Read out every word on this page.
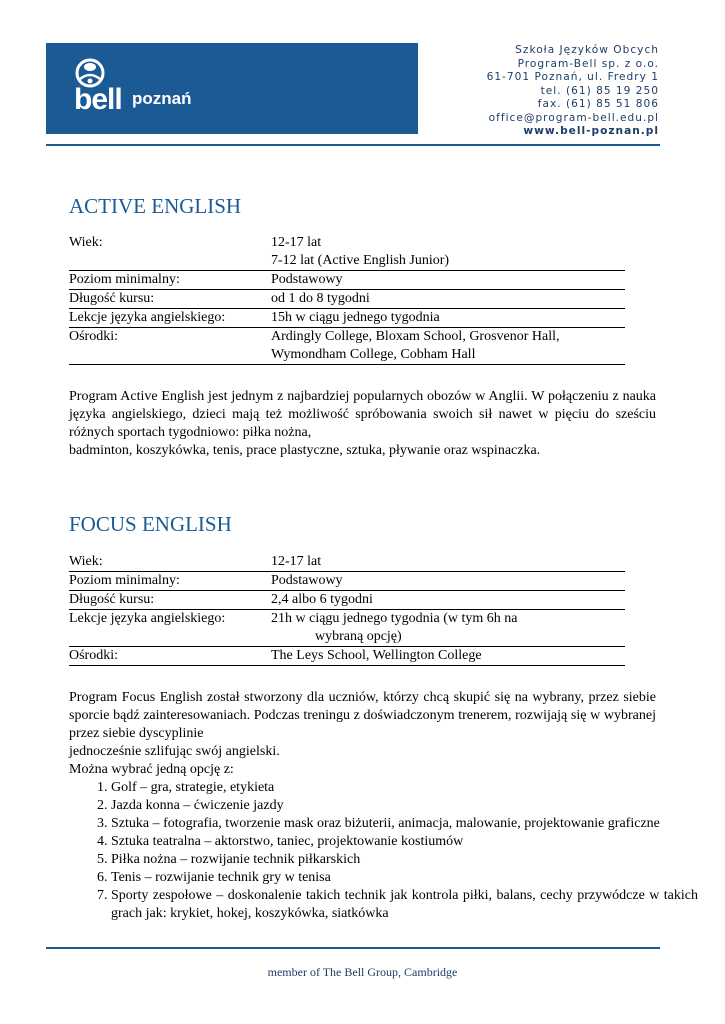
bell poznań
Szkoła Języków Obcych
Program-Bell sp. z o.o.
61-701 Poznań, ul. Fredry 1
tel. (61) 85 19 250
fax. (61) 85 51 806
office@program-bell.edu.pl
www.bell-poznan.pl
ACTIVE ENGLISH
Wiek:	12-17 lat
7-12 lat (Active English Junior)
Poziom minimalny:	Podstawowy
Długość kursu:	od 1 do 8 tygodni
Lekcje języka angielskiego:	15h w ciągu jednego tygodnia
Ośrodki:	Ardingly College, Bloxam School, Grosvenor Hall,
Wymondham College, Cobham Hall

Program Active English jest jednym z najbardziej popularnych obozów w Anglii. W połączeniu z nauka języka angielskiego, dzieci mają też możliwość spróbowania swoich sił nawet w pięciu do sześciu różnych sportach tygodniowo: piłka nożna,

badminton, koszykówka, tenis, prace plastyczne, sztuka, pływanie oraz wspinaczka.

FOCUS ENGLISH
Wiek:	12-17 lat
Poziom minimalny:	Podstawowy
Długość kursu:	2,4 albo 6 tygodni
Lekcje języka angielskiego:	21h w ciągu jednego tygodnia (w tym 6h na
wybraną opcję)
Ośrodki:	The Leys School, Wellington College

Program Focus English został stworzony dla uczniów, którzy chcą skupić się na wybrany, przez siebie sporcie bądź zainteresowaniach. Podczas treningu z doświadczonym trenerem, rozwijają się w wybranej przez siebie dyscyplinie

jednocześnie szlifując swój angielski.

Można wybrać jedną opcję z:

1. Golf – gra, strategie, etykieta
2. Jazda konna – ćwiczenie jazdy
3. Sztuka – fotografia, tworzenie mask oraz biżuterii, animacja, malowanie, projektowanie graficzne
4. Sztuka teatralna – aktorstwo, taniec, projektowanie kostiumów
5. Piłka nożna – rozwijanie technik piłkarskich
6. Tenis – rozwijanie technik gry w tenisa
7. Sporty zespołowe – doskonalenie takich technik jak kontrola piłki, balans, cechy przywódcze w takich grach jak: krykiet, hokej, koszykówka, siatkówka
member of The Bell Group, Cambridge
